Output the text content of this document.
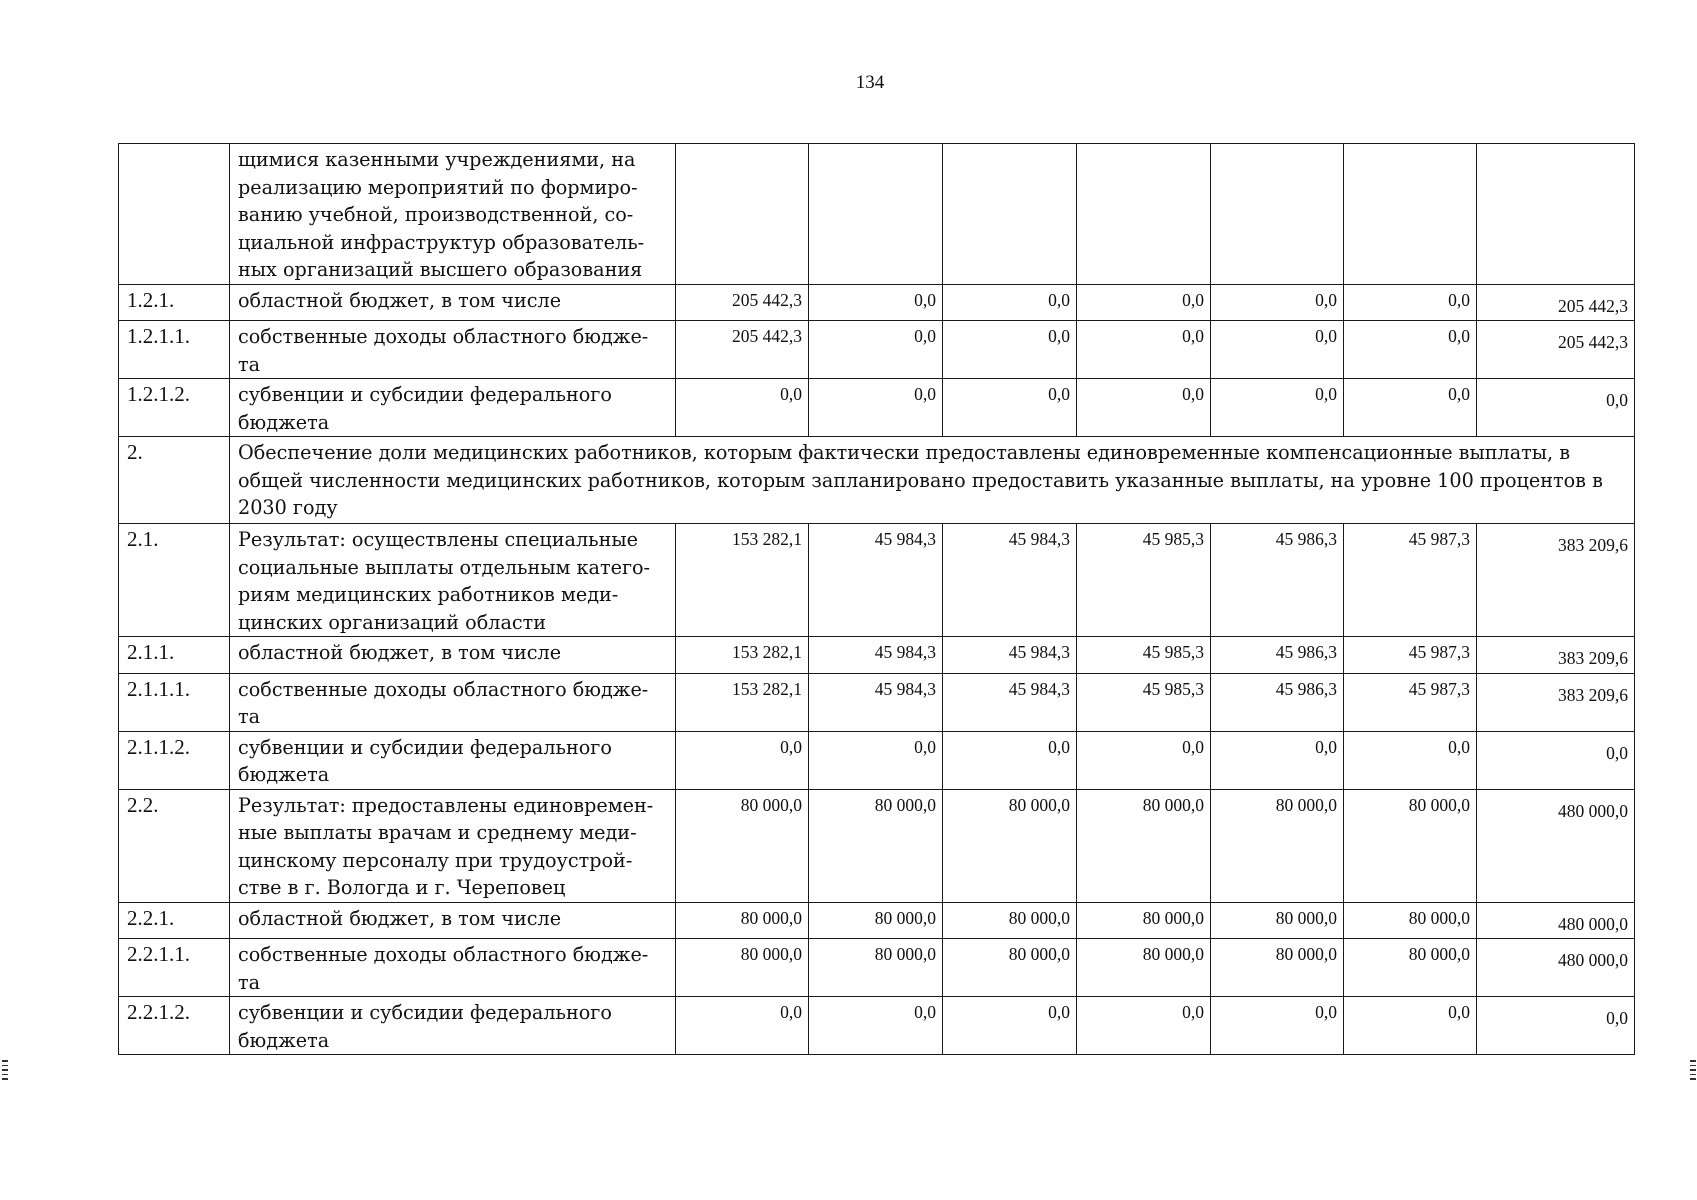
134
	щимися казенными учреждениями, на реализацию мероприятий по формиро-ванию учебной, производственной, со-циальной инфраструктур образователь-ных организаций высшего образования							
1.2.1.	областной бюджет, в том числе	205 442,3	0,0	0,0	0,0	0,0	0,0	205 442,3
1.2.1.1.	собственные доходы областного бюдже-та	205 442,3	0,0	0,0	0,0	0,0	0,0	205 442,3
1.2.1.2.	субвенции и субсидии федерального бюджета	0,0	0,0	0,0	0,0	0,0	0,0	0,0
2.	Обеспечение доли медицинских работников, которым фактически предоставлены единовременные компенсационные выплаты, в общей численности медицинских работников, которым запланировано предоставить указанные выплаты, на уровне 100 процентов в 2030 году							
2.1.	Результат: осуществлены специальные социальные выплаты отдельным катего-риям медицинских работников меди-цинских организаций области	153 282,1	45 984,3	45 984,3	45 985,3	45 986,3	45 987,3	383 209,6
2.1.1.	областной бюджет, в том числе	153 282,1	45 984,3	45 984,3	45 985,3	45 986,3	45 987,3	383 209,6
2.1.1.1.	собственные доходы областного бюдже-та	153 282,1	45 984,3	45 984,3	45 985,3	45 986,3	45 987,3	383 209,6
2.1.1.2.	субвенции и субсидии федерального бюджета	0,0	0,0	0,0	0,0	0,0	0,0	0,0
2.2.	Результат: предоставлены единовремен-ные выплаты врачам и среднему меди-цинскому персоналу при трудоустрой-стве в г. Вологда и г. Череповец	80 000,0	80 000,0	80 000,0	80 000,0	80 000,0	80 000,0	480 000,0
2.2.1.	областной бюджет, в том числе	80 000,0	80 000,0	80 000,0	80 000,0	80 000,0	80 000,0	480 000,0
2.2.1.1.	собственные доходы областного бюдже-та	80 000,0	80 000,0	80 000,0	80 000,0	80 000,0	80 000,0	480 000,0
2.2.1.2.	субвенции и субсидии федерального бюджета	0,0	0,0	0,0	0,0	0,0	0,0	0,0
